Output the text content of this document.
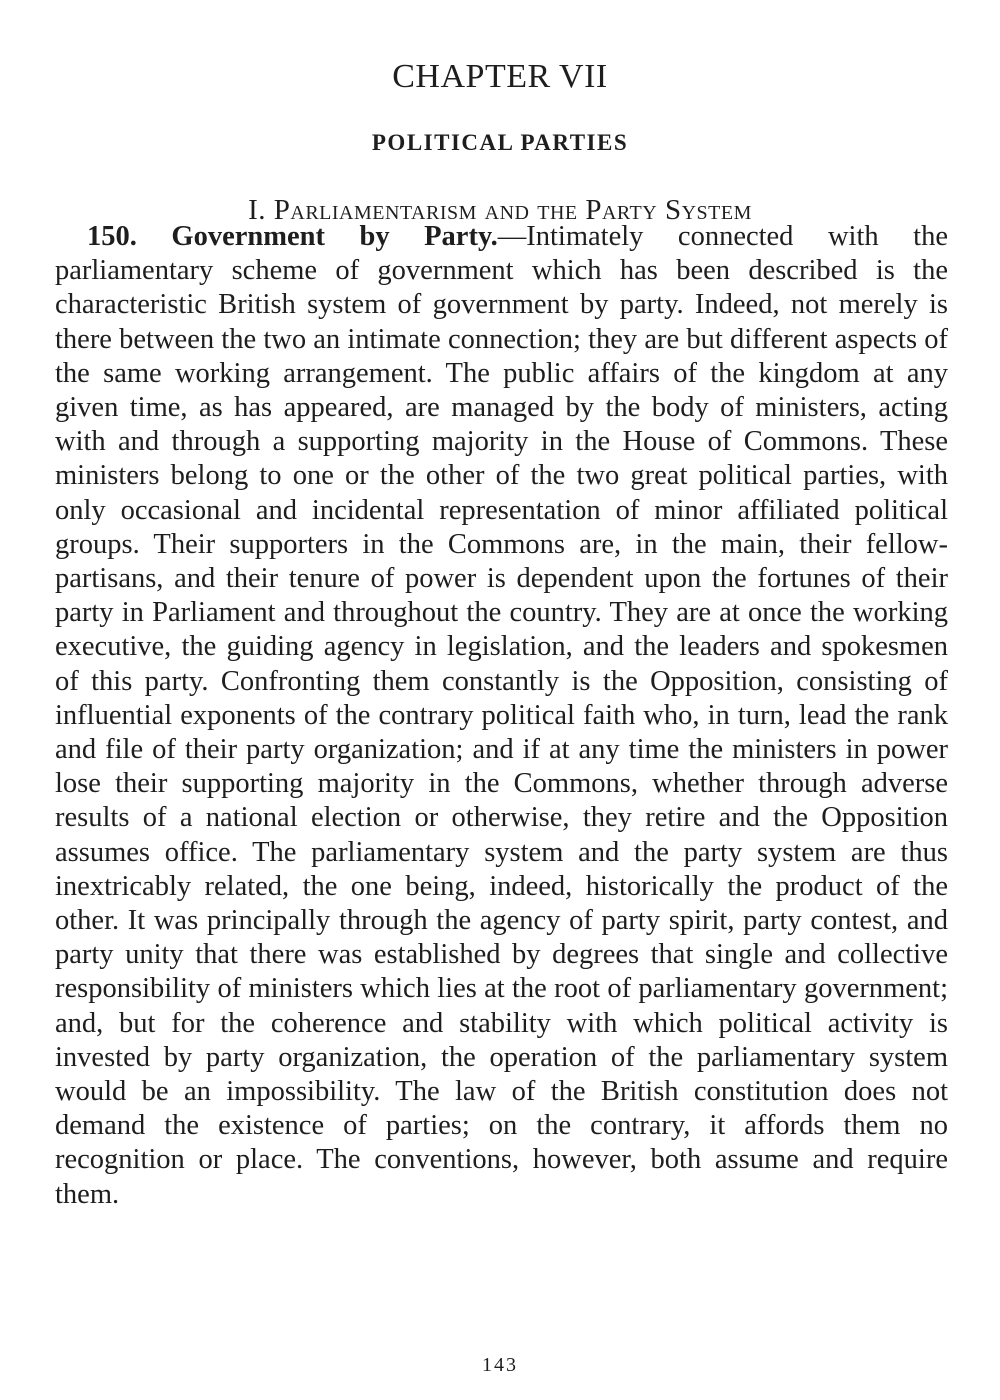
CHAPTER VII
POLITICAL PARTIES
I. Parliamentarism and the Party System

150. Government by Party.—Intimately connected with the parliamentary scheme of government which has been described is the characteristic British system of government by party. Indeed, not merely is there between the two an intimate connection; they are but different aspects of the same working arrangement. The public affairs of the kingdom at any given time, as has appeared, are managed by the body of ministers, acting with and through a supporting majority in the House of Commons. These ministers belong to one or the other of the two great political parties, with only occasional and incidental representation of minor affiliated political groups. Their supporters in the Commons are, in the main, their fellow-partisans, and their tenure of power is dependent upon the fortunes of their party in Parliament and throughout the country. They are at once the working executive, the guiding agency in legislation, and the leaders and spokesmen of this party. Confronting them constantly is the Opposition, consisting of influential exponents of the contrary political faith who, in turn, lead the rank and file of their party organization; and if at any time the ministers in power lose their supporting majority in the Commons, whether through adverse results of a national election or otherwise, they retire and the Opposition assumes office. The parliamentary system and the party system are thus inextricably related, the one being, indeed, historically the product of the other. It was principally through the agency of party spirit, party contest, and party unity that there was established by degrees that single and collective responsibility of ministers which lies at the root of parliamentary government; and, but for the coherence and stability with which political activity is invested by party organization, the operation of the parliamentary system would be an impossibility. The law of the British constitution does not demand the existence of parties; on the contrary, it affords them no recognition or place. The conventions, however, both assume and require them.

143
